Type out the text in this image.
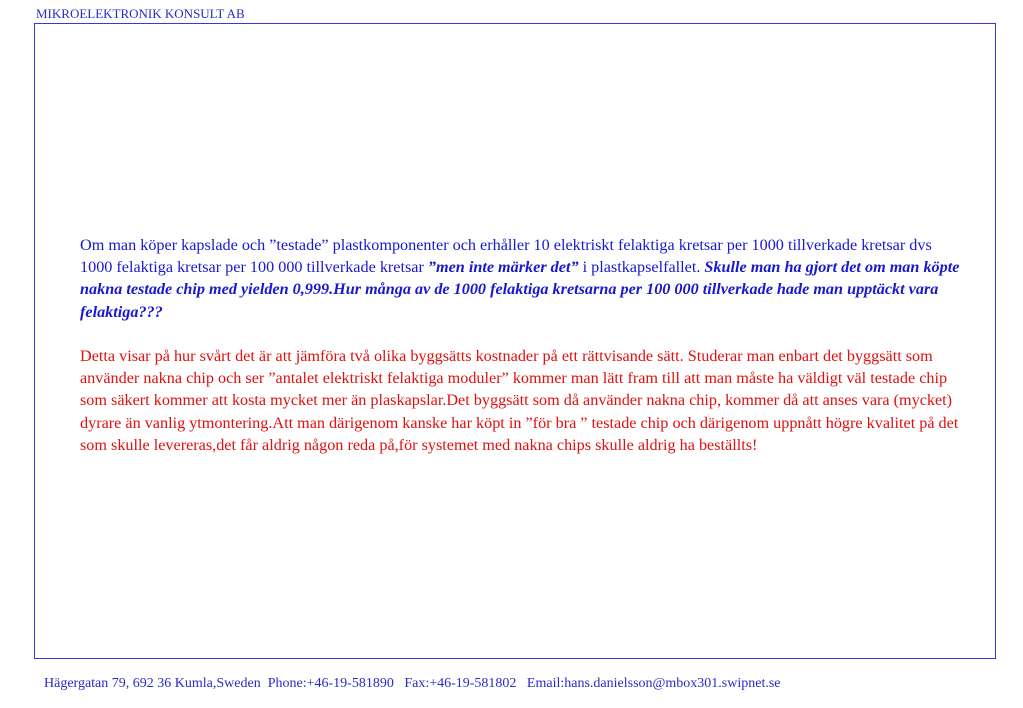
MIKROELEKTRONIK KONSULT AB

Om man köper kapslade och ”testade” plastkomponenter och erhåller 10 elektriskt felaktiga kretsar per 1000 tillverkade kretsar dvs 1000 felaktiga kretsar per 100 000 tillverkade kretsar ”men inte märker det” i plastkapselfallet. Skulle man ha gjort det om man köpte nakna testade chip med yielden 0,999.Hur många av de 1000 felaktiga kretsarna per 100 000 tillverkade hade man upptäckt vara felaktiga???

Detta visar på hur svårt det är att jämföra två olika byggsätts kostnader på ett rättvisande sätt. Studerar man enbart det byggsätt som använder nakna chip och ser ”antalet elektriskt felaktiga moduler” kommer man lätt fram till att man måste ha väldigt väl testade chip som säkert kommer att kosta mycket mer än plaskapslar.Det byggsätt som då använder nakna chip, kommer då att anses vara (mycket) dyrare än vanlig ytmontering.Att man därigenom kanske har köpt in ”för bra ” testade chip och därigenom uppnått högre kvalitet på det som skulle levereras,det får aldrig någon reda på,för systemet med nakna chips skulle aldrig ha beställts!

Hägergatan 79, 692 36 Kumla,Sweden Phone:+46-19-581890 Fax:+46-19-581802 Email:hans.danielsson@mbox301.swipnet.se
